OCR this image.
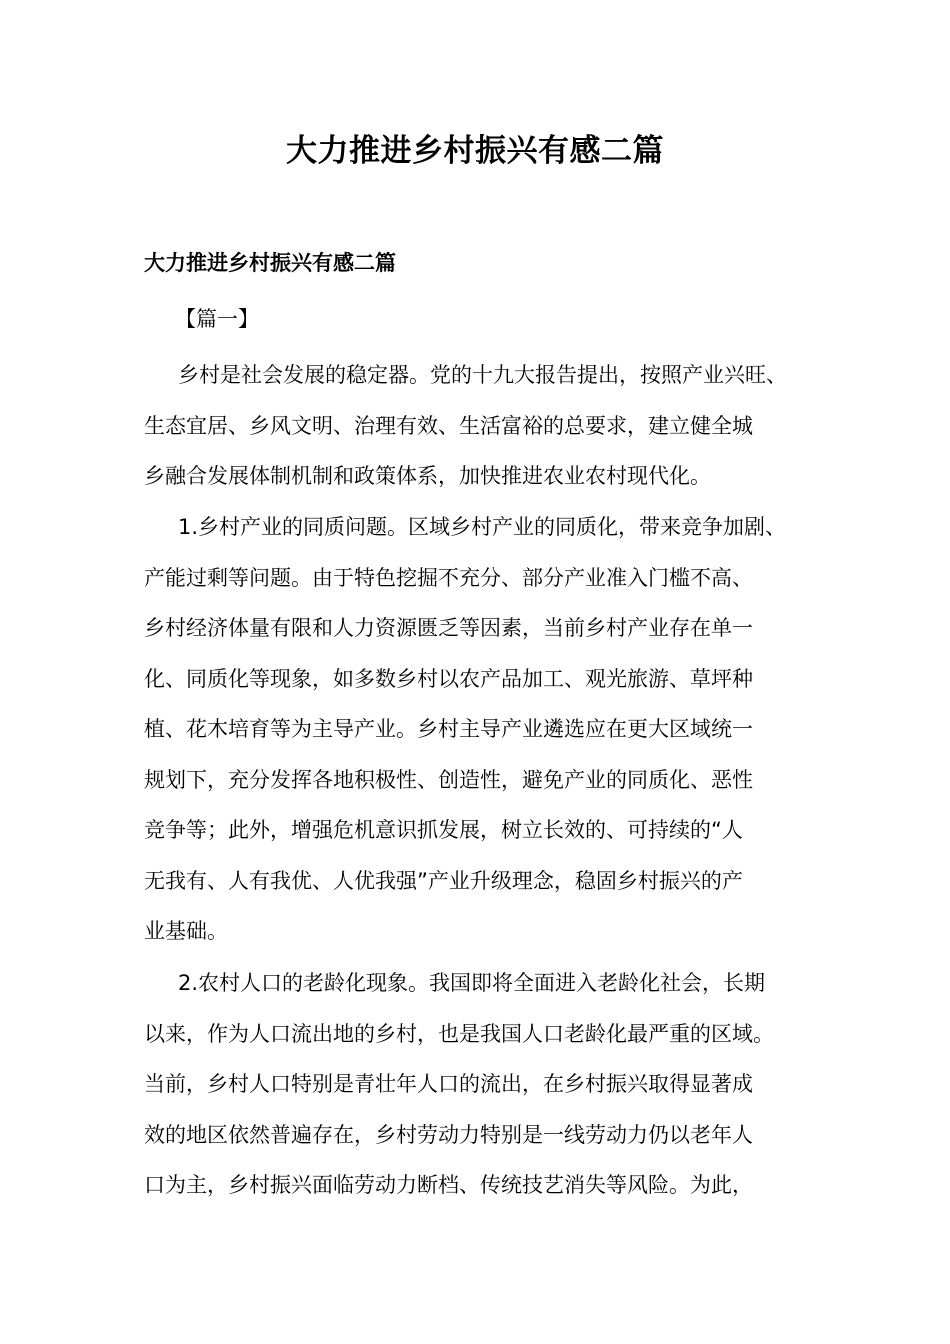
大力推进乡村振兴有感二篇
大力推进乡村振兴有感二篇

【篇一】

乡村是社会发展的稳定器。党的十九大报告提出，按照产业兴旺、
生态宜居、乡风文明、治理有效、生活富裕的总要求，建立健全城
乡融合发展体制机制和政策体系，加快推进农业农村现代化。
1.乡村产业的同质问题。区域乡村产业的同质化，带来竞争加剧、
产能过剩等问题。由于特色挖掘不充分、部分产业准入门槛不高、
乡村经济体量有限和人力资源匮乏等因素，当前乡村产业存在单一
化、同质化等现象，如多数乡村以农产品加工、观光旅游、草坪种
植、花木培育等为主导产业。乡村主导产业遴选应在更大区域统一
规划下，充分发挥各地积极性、创造性，避免产业的同质化、恶性
竞争等；此外，增强危机意识抓发展，树立长效的、可持续的“人
无我有、人有我优、人优我强”产业升级理念，稳固乡村振兴的产
业基础。
2.农村人口的老龄化现象。我国即将全面进入老龄化社会，长期
以来，作为人口流出地的乡村，也是我国人口老龄化最严重的区域。
当前，乡村人口特别是青壮年人口的流出，在乡村振兴取得显著成
效的地区依然普遍存在，乡村劳动力特别是一线劳动力仍以老年人
口为主，乡村振兴面临劳动力断档、传统技艺消失等风险。为此，
